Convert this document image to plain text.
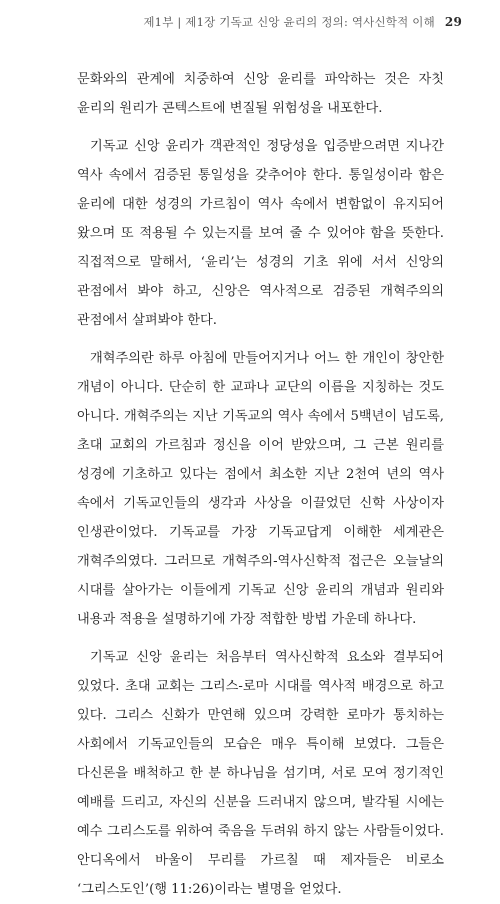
제1부 | 제1장 기독교 신앙 윤리의 정의: 역사신학적 이해 29

문화와의 관계에 치중하여 신앙 윤리를 파악하는 것은 자칫 윤리의 원리가 콘텍스트에 변질될 위험성을 내포한다.

기독교 신앙 윤리가 객관적인 정당성을 입증받으려면 지나간 역사 속에서 검증된 통일성을 갖추어야 한다. 통일성이라 함은 윤리에 대한 성경의 가르침이 역사 속에서 변함없이 유지되어 왔으며 또 적용될 수 있는지를 보여 줄 수 있어야 함을 뜻한다. 직접적으로 말해서, ‘윤리’는 성경의 기초 위에 서서 신앙의 관점에서 봐야 하고, 신앙은 역사적으로 검증된 개혁주의의 관점에서 살펴봐야 한다.

개혁주의란 하루 아침에 만들어지거나 어느 한 개인이 창안한 개념이 아니다. 단순히 한 교파나 교단의 이름을 지칭하는 것도 아니다. 개혁주의는 지난 기독교의 역사 속에서 5백년이 넘도록, 초대 교회의 가르침과 정신을 이어 받았으며, 그 근본 원리를 성경에 기초하고 있다는 점에서 최소한 지난 2천여 년의 역사 속에서 기독교인들의 생각과 사상을 이끌었던 신학 사상이자 인생관이었다. 기독교를 가장 기독교답게 이해한 세계관은 개혁주의였다. 그러므로 개혁주의-역사신학적 접근은 오늘날의 시대를 살아가는 이들에게 기독교 신앙 윤리의 개념과 원리와 내용과 적용을 설명하기에 가장 적합한 방법 가운데 하나다.

기독교 신앙 윤리는 처음부터 역사신학적 요소와 결부되어 있었다. 초대 교회는 그리스-로마 시대를 역사적 배경으로 하고 있다. 그리스 신화가 만연해 있으며 강력한 로마가 통치하는 사회에서 기독교인들의 모습은 매우 특이해 보였다. 그들은 다신론을 배척하고 한 분 하나님을 섬기며, 서로 모여 정기적인 예배를 드리고, 자신의 신분을 드러내지 않으며, 발각될 시에는 예수 그리스도를 위하여 죽음을 두려워 하지 않는 사람들이었다. 안디옥에서 바울이 무리를 가르칠 때 제자들은 비로소 ‘그리스도인’(행 11:26)이라는 별명을 얻었다.
